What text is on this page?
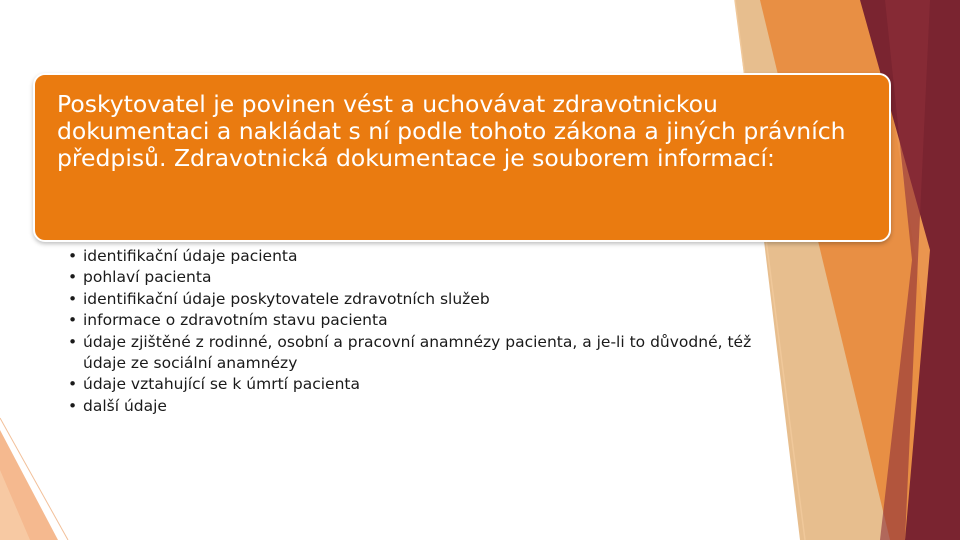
Poskytovatel je povinen vést a uchovávat zdravotnickou dokumentaci a nakládat s ní podle tohoto zákona a jiných právních předpisů. Zdravotnická dokumentace je souborem informací:

• identifikační údaje pacienta
• pohlaví pacienta
• identifikační údaje poskytovatele zdravotních služeb
• informace o zdravotním stavu pacienta
• údaje zjištěné z rodinné, osobní a pracovní anamnézy pacienta, a je-li to důvodné, též údaje ze sociální anamnézy
• údaje vztahující se k úmrtí pacienta
• další údaje
